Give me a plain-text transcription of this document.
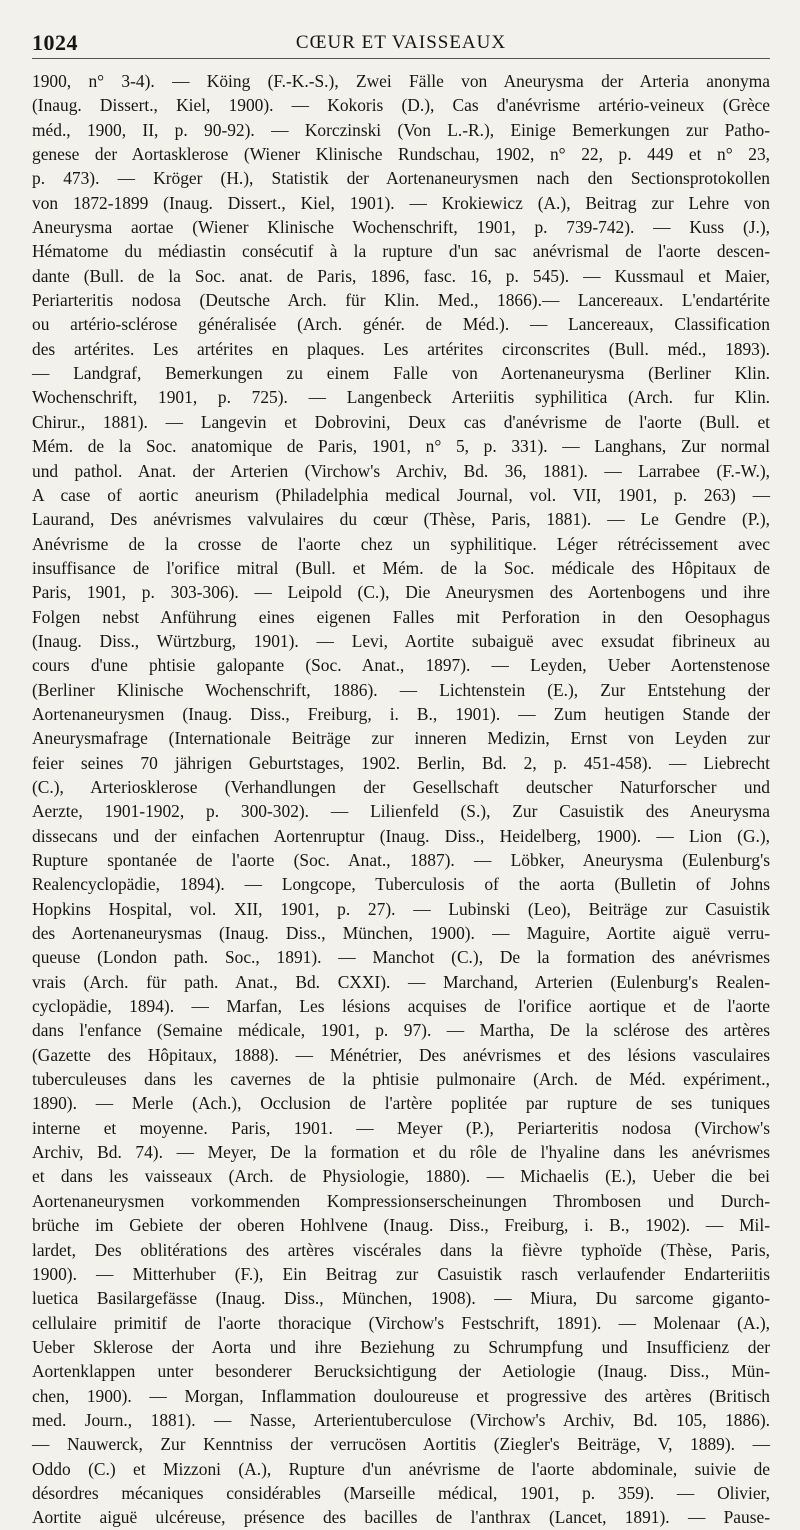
1024	CŒUR ET VAISSEAUX
1900, n° 3-4). — Köing (F.-K.-S.), Zwei Fälle von Aneurysma der Arteria anonyma
(Inaug. Dissert., Kiel, 1900). — Kokoris (D.), Cas d'anévrisme artério-veineux (Grèce
méd., 1900, II, p. 90-92). — Korczinski (Von L.-R.), Einige Bemerkungen zur Patho-
genese der Aortasklerose (Wiener Klinische Rundschau, 1902, n° 22, p. 449 et n° 23,
p. 473). — Kröger (H.), Statistik der Aortenaneurysmen nach den Sectionsprotokollen
von 1872-1899 (Inaug. Dissert., Kiel, 1901). — Krokiewicz (A.), Beitrag zur Lehre von
Aneurysma aortae (Wiener Klinische Wochenschrift, 1901, p. 739-742). — Kuss (J.),
Hématome du médiastin consécutif à la rupture d'un sac anévrismal de l'aorte descen-
dante (Bull. de la Soc. anat. de Paris, 1896, fasc. 16, p. 545). — Kussmaul et Maier,
Periarteritis nodosa (Deutsche Arch. für Klin. Med., 1866).— Lancereaux. L'endartérite
ou artério-sclérose généralisée (Arch. génér. de Méd.). — Lancereaux, Classification
des artérites. Les artérites en plaques. Les artérites circonscrites (Bull. méd., 1893).
— Landgraf, Bemerkungen zu einem Falle von Aortenaneurysma (Berliner Klin.
Wochenschrift, 1901, p. 725). — Langenbeck Arteriitis syphilitica (Arch. fur Klin.
Chirur., 1881). — Langevin et Dobrovini, Deux cas d'anévrisme de l'aorte (Bull. et
Mém. de la Soc. anatomique de Paris, 1901, n° 5, p. 331). — Langhans, Zur normal
und pathol. Anat. der Arterien (Virchow's Archiv, Bd. 36, 1881). — Larrabee (F.-W.),
A case of aortic aneurism (Philadelphia medical Journal, vol. VII, 1901, p. 263) —
Laurand, Des anévrismes valvulaires du cœur (Thèse, Paris, 1881). — Le Gendre (P.),
Anévrisme de la crosse de l'aorte chez un syphilitique. Léger rétrécissement avec
insuffisance de l'orifice mitral (Bull. et Mém. de la Soc. médicale des Hôpitaux de
Paris, 1901, p. 303-306). — Leipold (C.), Die Aneurysmen des Aortenbogens und ihre
Folgen nebst Anführung eines eigenen Falles mit Perforation in den Oesophagus
(Inaug. Diss., Würtzburg, 1901). — Levi, Aortite subaiguë avec exsudat fibrineux au
cours d'une phtisie galopante (Soc. Anat., 1897). — Leyden, Ueber Aortenstenose
(Berliner Klinische Wochenschrift, 1886). — Lichtenstein (E.), Zur Entstehung der
Aortenaneurysmen (Inaug. Diss., Freiburg, i. B., 1901). — Zum heutigen Stande der
Aneurysmafrage (Internationale Beiträge zur inneren Medizin, Ernst von Leyden zur
feier seines 70 jährigen Geburtstages, 1902. Berlin, Bd. 2, p. 451-458). — Liebrecht
(C.), Arteriosklerose (Verhandlungen der Gesellschaft deutscher Naturforscher und
Aerzte, 1901-1902, p. 300-302). — Lilienfeld (S.), Zur Casuistik des Aneurysma
dissecans und der einfachen Aortenruptur (Inaug. Diss., Heidelberg, 1900). — Lion (G.),
Rupture spontanée de l'aorte (Soc. Anat., 1887). — Löbker, Aneurysma (Eulenburg's
Realencyclopädie, 1894). — Longcope, Tuberculosis of the aorta (Bulletin of Johns
Hopkins Hospital, vol. XII, 1901, p. 27). — Lubinski (Leo), Beiträge zur Casuistik
des Aortenaneurysmas (Inaug. Diss., München, 1900). — Maguire, Aortite aiguë verru-
queuse (London path. Soc., 1891). — Manchot (C.), De la formation des anévrismes
vrais (Arch. für path. Anat., Bd. CXXI). — Marchand, Arterien (Eulenburg's Realen-
cyclopädie, 1894). — Marfan, Les lésions acquises de l'orifice aortique et de l'aorte
dans l'enfance (Semaine médicale, 1901, p. 97). — Martha, De la sclérose des artères
(Gazette des Hôpitaux, 1888). — Ménétrier, Des anévrismes et des lésions vasculaires
tuberculeuses dans les cavernes de la phtisie pulmonaire (Arch. de Méd. expériment.,
1890). — Merle (Ach.), Occlusion de l'artère poplitée par rupture de ses tuniques
interne et moyenne. Paris, 1901. — Meyer (P.), Periarteritis nodosa (Virchow's
Archiv, Bd. 74). — Meyer, De la formation et du rôle de l'hyaline dans les anévrismes
et dans les vaisseaux (Arch. de Physiologie, 1880). — Michaelis (E.), Ueber die bei
Aortenaneurysmen vorkommenden Kompressionserscheinungen Thrombosen und Durch-
brüche im Gebiete der oberen Hohlvene (Inaug. Diss., Freiburg, i. B., 1902). — Mil-
lardet, Des oblitérations des artères viscérales dans la fièvre typhoïde (Thèse, Paris,
1900). — Mitterhuber (F.), Ein Beitrag zur Casuistik rasch verlaufender Endarteriitis
luetica Basilargefässe (Inaug. Diss., München, 1908). — Miura, Du sarcome giganto-
cellulaire primitif de l'aorte thoracique (Virchow's Festschrift, 1891). — Molenaar (A.),
Ueber Sklerose der Aorta und ihre Beziehung zu Schrumpfung und Insufficienz der
Aortenklappen unter besonderer Berucksichtigung der Aetiologie (Inaug. Diss., Mün-
chen, 1900). — Morgan, Inflammation douloureuse et progressive des artères (Britisch
med. Journ., 1881). — Nasse, Arterientuberculose (Virchow's Archiv, Bd. 105, 1886).
— Nauwerck, Zur Kenntniss der verrucösen Aortitis (Ziegler's Beiträge, V, 1889). —
Oddo (C.) et Mizzoni (A.), Rupture d'un anévrisme de l'aorte abdominale, suivie de
désordres mécaniques considérables (Marseille médical, 1901, p. 359). — Olivier,
Aortite aiguë ulcéreuse, présence des bacilles de l'anthrax (Lancet, 1891). — Pause-
